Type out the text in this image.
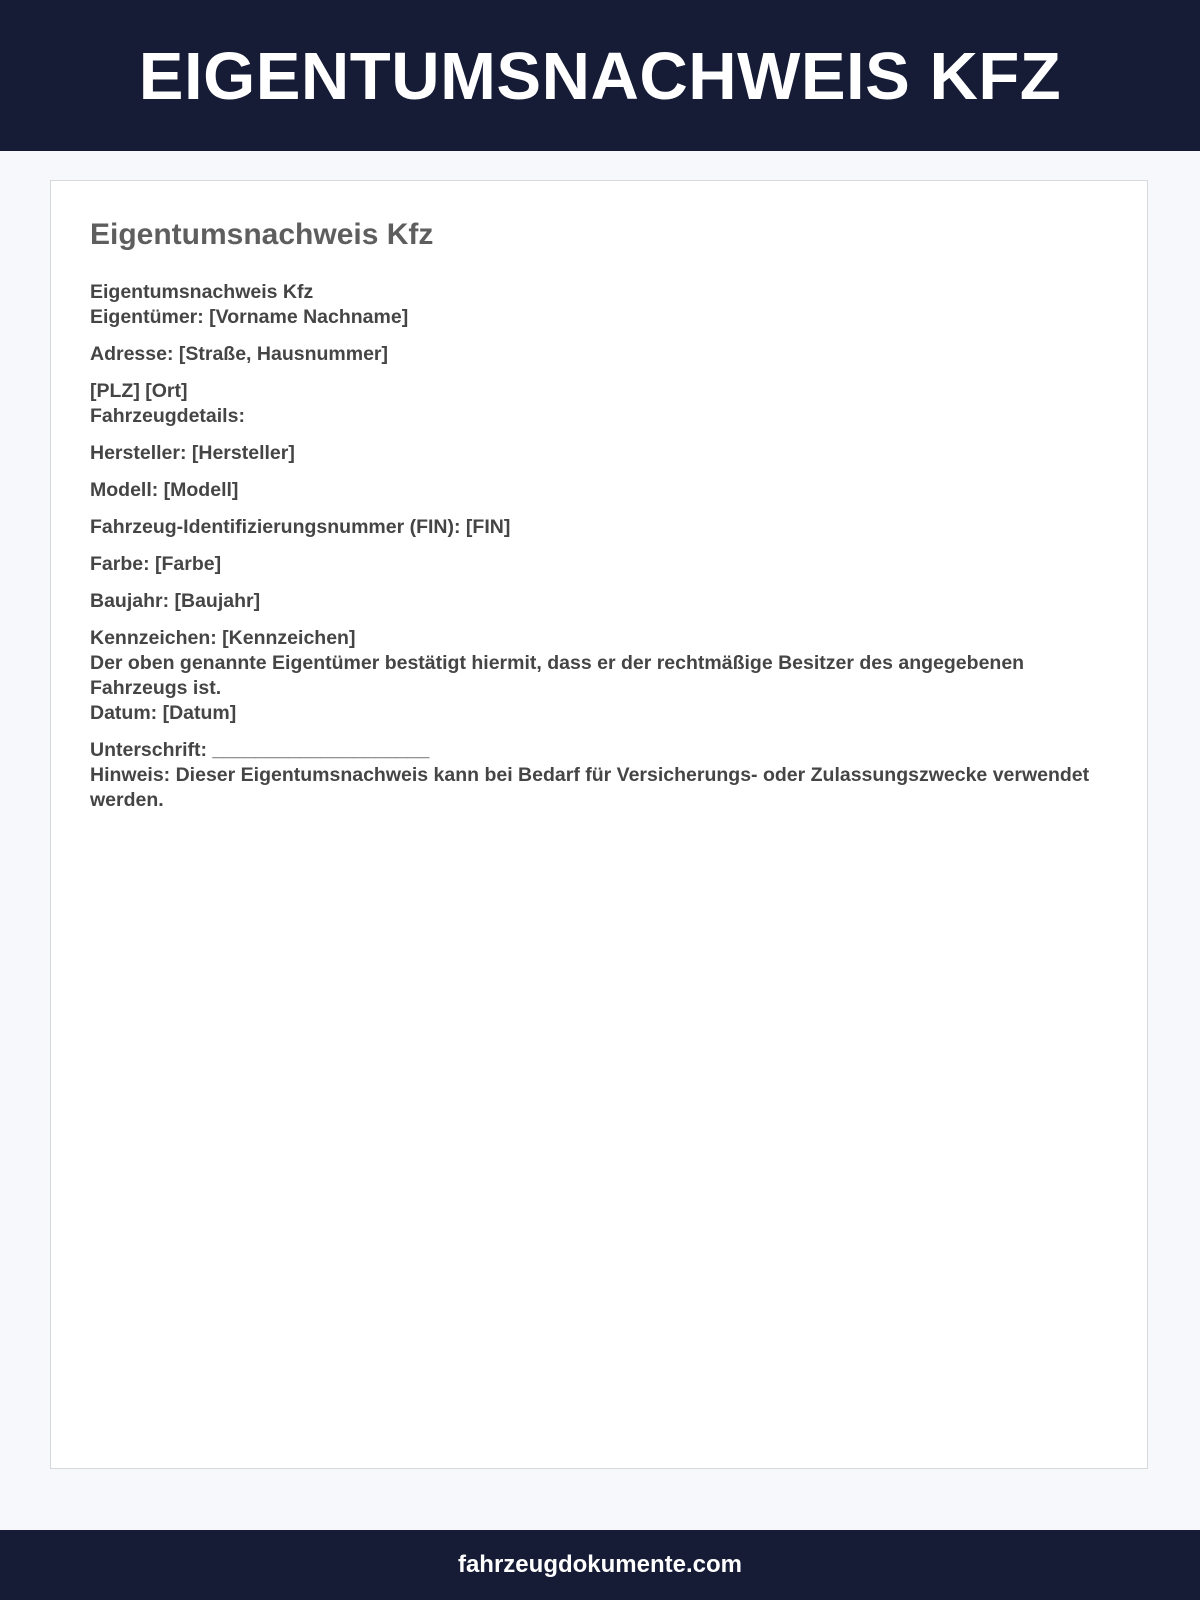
EIGENTUMSNACHWEIS KFZ
Eigentumsnachweis Kfz

Eigentumsnachweis Kfz
Eigentümer: [Vorname Nachname]

Adresse: [Straße, Hausnummer]

[PLZ] [Ort]
Fahrzeugdetails:

Hersteller: [Hersteller]

Modell: [Modell]

Fahrzeug-Identifizierungsnummer (FIN): [FIN]

Farbe: [Farbe]

Baujahr: [Baujahr]

Kennzeichen: [Kennzeichen]
Der oben genannte Eigentümer bestätigt hiermit, dass er der rechtmäßige Besitzer des angegebenen Fahrzeugs ist.
Datum: [Datum]

Unterschrift: ____________________
Hinweis: Dieser Eigentumsnachweis kann bei Bedarf für Versicherungs- oder Zulassungszwecke verwendet werden.

fahrzeugdokumente.com
